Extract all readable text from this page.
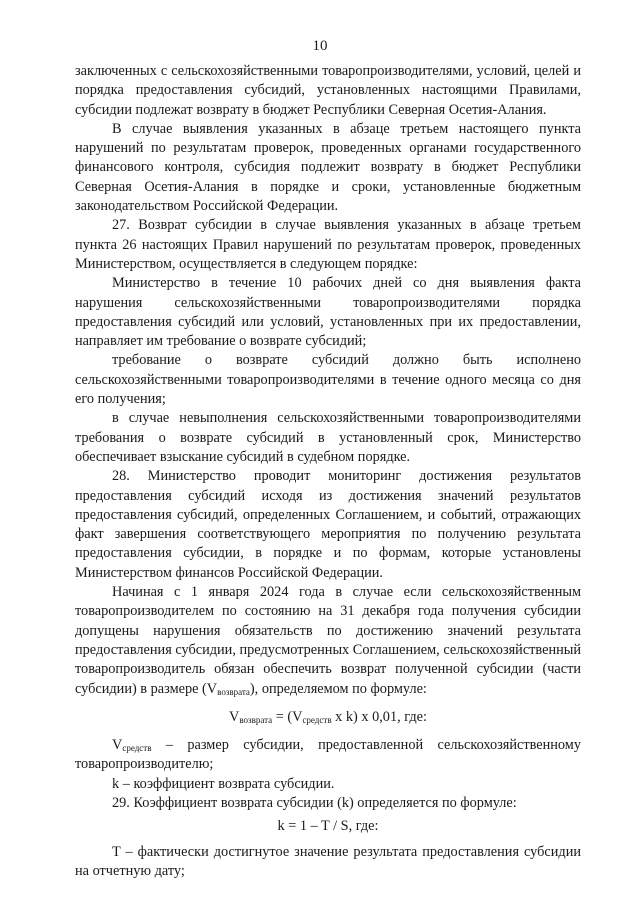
10

заключенных с сельскохозяйственными товаропроизводителями, условий, целей и порядка предоставления субсидий, установленных настоящими Правилами, субсидии подлежат возврату в бюджет Республики Северная Осетия-Алания.

В случае выявления указанных в абзаце третьем настоящего пункта нарушений по результатам проверок, проведенных органами государственного финансового контроля, субсидия подлежит возврату в бюджет Республики Северная Осетия-Алания в порядке и сроки, установленные бюджетным законодательством Российской Федерации.

27. Возврат субсидии в случае выявления указанных в абзаце третьем пункта 26 настоящих Правил нарушений по результатам проверок, проведенных Министерством, осуществляется в следующем порядке:

Министерство в течение 10 рабочих дней со дня выявления факта нарушения сельскохозяйственными товаропроизводителями порядка предоставления субсидий или условий, установленных при их предоставлении, направляет им требование о возврате субсидий;

требование о возврате субсидий должно быть исполнено сельскохозяйственными товаропроизводителями в течение одного месяца со дня его получения;

в случае невыполнения сельскохозяйственными товаропроизводителями требования о возврате субсидий в установленный срок, Министерство обеспечивает взыскание субсидий в судебном порядке.

28. Министерство проводит мониторинг достижения результатов предоставления субсидий исходя из достижения значений результатов предоставления субсидий, определенных Соглашением, и событий, отражающих факт завершения соответствующего мероприятия по получению результата предоставления субсидии, в порядке и по формам, которые установлены Министерством финансов Российской Федерации.

Начиная с 1 января 2024 года в случае если сельскохозяйственным товаропроизводителем по состоянию на 31 декабря года получения субсидии допущены нарушения обязательств по достижению значений результата предоставления субсидии, предусмотренных Соглашением, сельскохозяйственный товаропроизводитель обязан обеспечить возврат полученной субсидии (части субсидии) в размере $(V_{возврата})$, определяемом по формуле:

$V_{возврата} = (V_{средств}$ x k) x 0,01, где:

$V_{средств}$ – размер субсидии, предоставленной сельскохозяйственному товаропроизводителю;

k – коэффициент возврата субсидии.

29. Коэффициент возврата субсидии (k) определяется по формуле:

k = 1 – T / S, где:

T – фактически достигнутое значение результата предоставления субсидии на отчетную дату;
